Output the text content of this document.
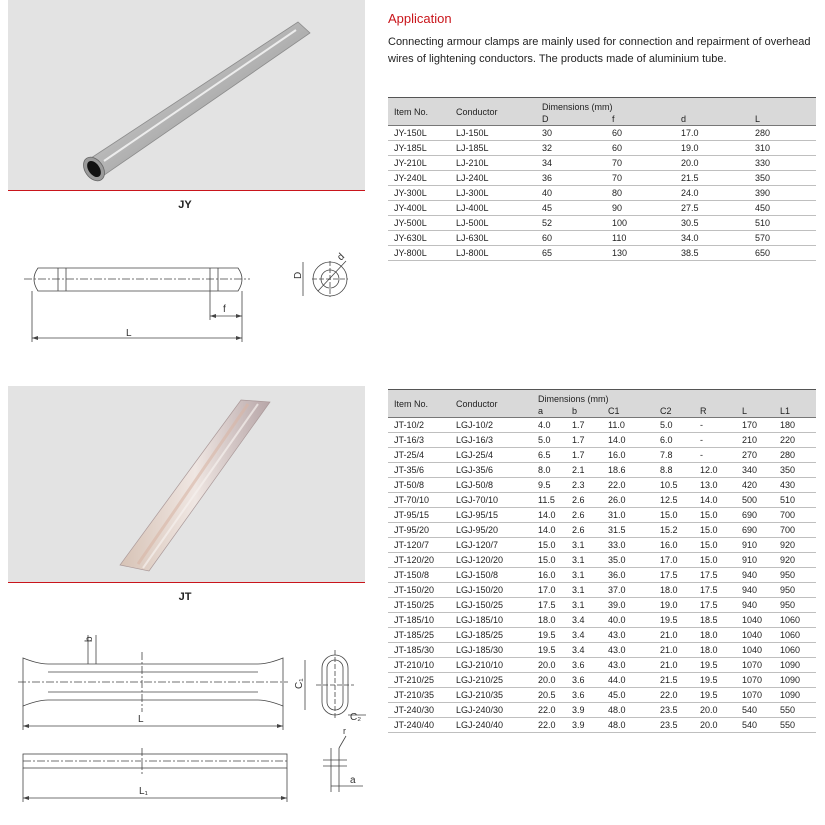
JY
L
f
D
d
Application
Connecting armour clamps are mainly used for connection and repairment of overhead wires of lightening conductors. The products made of aluminium tube.
Item No.	Conductor	Dimensions (mm)			
		D	f	d	L
JY-150L	LJ-150L	30	60	17.0	280
JY-185L	LJ-185L	32	60	19.0	310
JY-210L	LJ-210L	34	70	20.0	330
JY-240L	LJ-240L	36	70	21.5	350
JY-300L	LJ-300L	40	80	24.0	390
JY-400L	LJ-400L	45	90	27.5	450
JY-500L	LJ-500L	52	100	30.5	510
JY-630L	LJ-630L	60	110	34.0	570
JY-800L	LJ-800L	65	130	38.5	650
JT
b
L
L₁
C₁
C₂
r
a
Item No.	Conductor	Dimensions (mm)						
		a	b	C1	C2	R	L	L1
JT-10/2	LGJ-10/2	4.0	1.7	11.0	5.0	-	170	180
JT-16/3	LGJ-16/3	5.0	1.7	14.0	6.0	-	210	220
JT-25/4	LGJ-25/4	6.5	1.7	16.0	7.8	-	270	280
JT-35/6	LGJ-35/6	8.0	2.1	18.6	8.8	12.0	340	350
JT-50/8	LGJ-50/8	9.5	2.3	22.0	10.5	13.0	420	430
JT-70/10	LGJ-70/10	11.5	2.6	26.0	12.5	14.0	500	510
JT-95/15	LGJ-95/15	14.0	2.6	31.0	15.0	15.0	690	700
JT-95/20	LGJ-95/20	14.0	2.6	31.5	15.2	15.0	690	700
JT-120/7	LGJ-120/7	15.0	3.1	33.0	16.0	15.0	910	920
JT-120/20	LGJ-120/20	15.0	3.1	35.0	17.0	15.0	910	920
JT-150/8	LGJ-150/8	16.0	3.1	36.0	17.5	17.5	940	950
JT-150/20	LGJ-150/20	17.0	3.1	37.0	18.0	17.5	940	950
JT-150/25	LGJ-150/25	17.5	3.1	39.0	19.0	17.5	940	950
JT-185/10	LGJ-185/10	18.0	3.4	40.0	19.5	18.5	1040	1060
JT-185/25	LGJ-185/25	19.5	3.4	43.0	21.0	18.0	1040	1060
JT-185/30	LGJ-185/30	19.5	3.4	43.0	21.0	18.0	1040	1060
JT-210/10	LGJ-210/10	20.0	3.6	43.0	21.0	19.5	1070	1090
JT-210/25	LGJ-210/25	20.0	3.6	44.0	21.5	19.5	1070	1090
JT-210/35	LGJ-210/35	20.5	3.6	45.0	22.0	19.5	1070	1090
JT-240/30	LGJ-240/30	22.0	3.9	48.0	23.5	20.0	540	550
JT-240/40	LGJ-240/40	22.0	3.9	48.0	23.5	20.0	540	550
